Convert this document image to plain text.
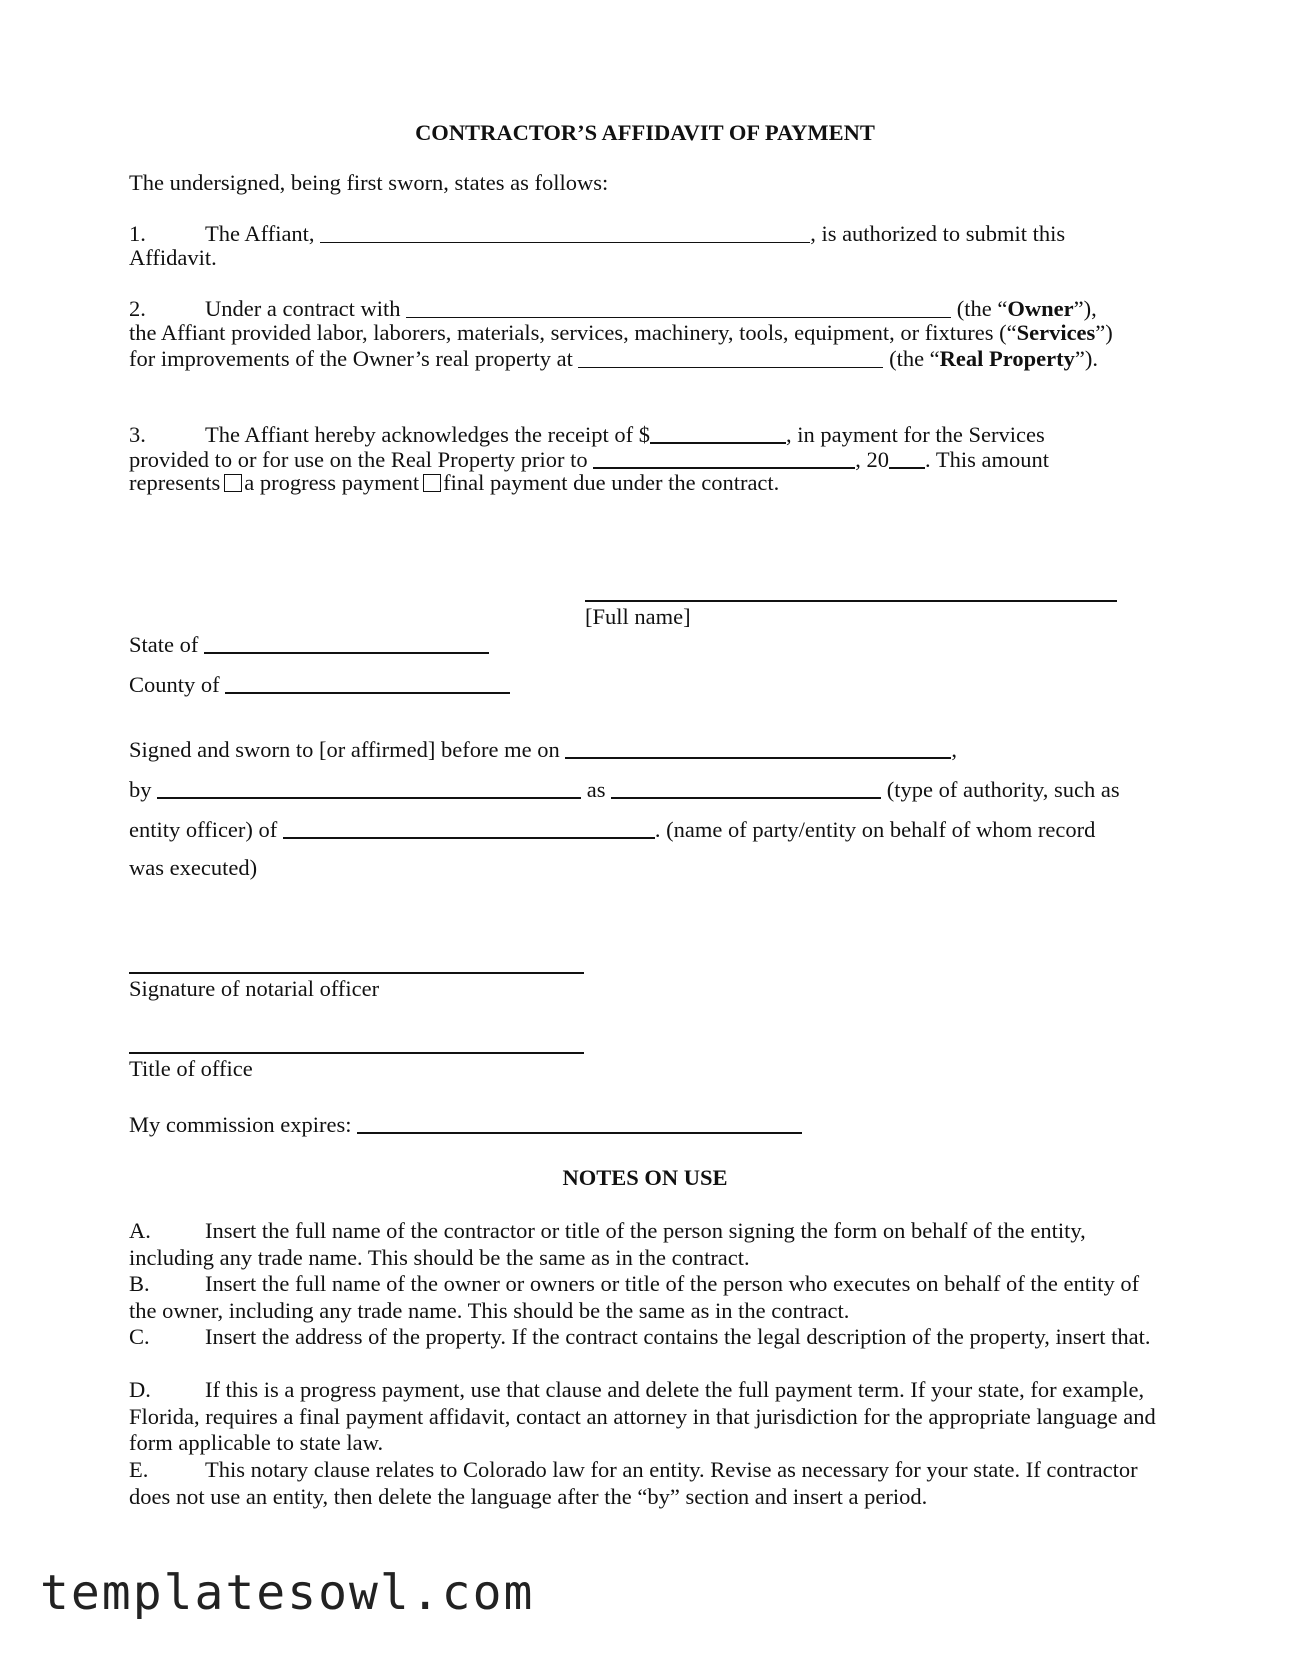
CONTRACTOR’S AFFIDAVIT OF PAYMENT
The undersigned, being first sworn, states as follows:
1.	The Affiant,	, is authorized to submit this
Affidavit.
2.	Under a contract with	(the “Owner”),
the Affiant provided labor, laborers, materials, services, machinery, tools, equipment, or fixtures (“Services”)
for improvements of the Owner’s real property at	(the “Real Property”).
3.	The Affiant hereby acknowledges the receipt of $	, in payment for the Services
provided to or for use on the Real Property prior to	, 20 . This amount
represents a progress payment final payment due under the contract.
[Full name]
State of
County of
Signed and sworn to [or affirmed] before me on	,
by	as	(type of authority, such as
entity officer) of	. (name of party/entity on behalf of whom record
was executed)
Signature of notarial officer
Title of office
My commission expires:
NOTES ON USE
A. Insert the full name of the contractor or title of the person signing the form on behalf of the entity, including any trade name. This should be the same as in the contract.
B. Insert the full name of the owner or owners or title of the person who executes on behalf of the entity of the owner, including any trade name. This should be the same as in the contract.
C. Insert the address of the property. If the contract contains the legal description of the property, insert that.
D. If this is a progress payment, use that clause and delete the full payment term. If your state, for example, Florida, requires a final payment affidavit, contact an attorney in that jurisdiction for the appropriate language and form applicable to state law.
E.	This notary clause relates to Colorado law for an entity. Revise as necessary for your state. If contractor does not use an entity, then delete the language after the “by” section and insert a period.
templatesowl.com
